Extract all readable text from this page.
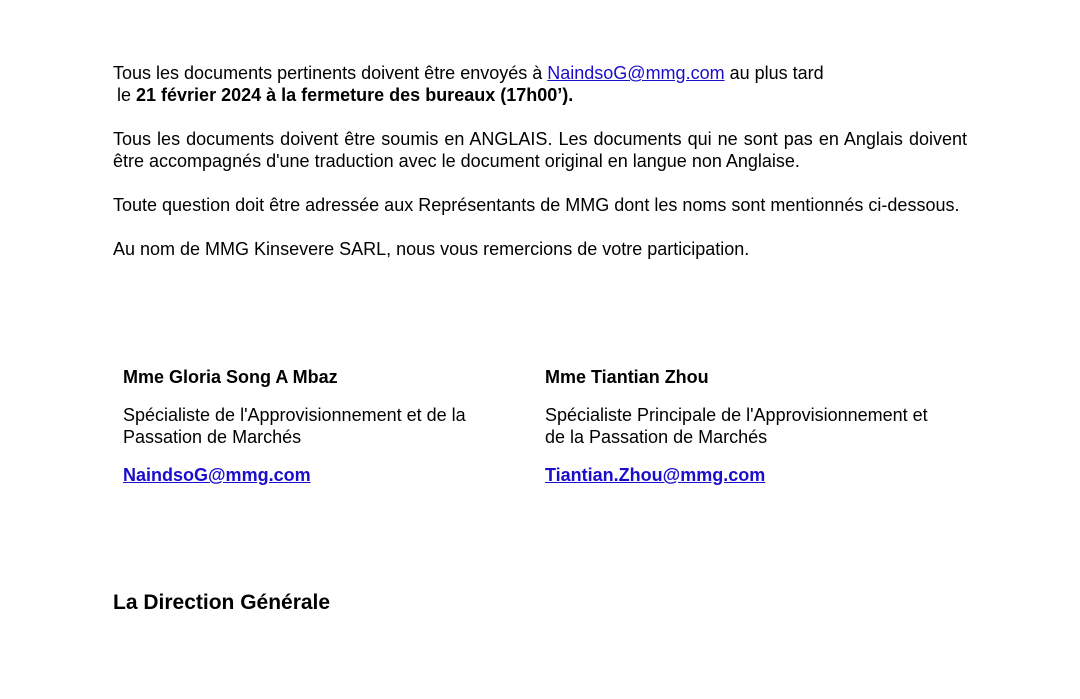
Tous les documents pertinents doivent être envoyés à NaindsoG@mmg.com au plus tard
le 21 février 2024 à la fermeture des bureaux (17h00’).

Tous les documents doivent être soumis en ANGLAIS. Les documents qui ne sont pas en Anglais doivent être accompagnés d'une traduction avec le document original en langue non Anglaise.

Toute question doit être adressée aux Représentants de MMG dont les noms sont mentionnés ci-dessous.

Au nom de MMG Kinsevere SARL, nous vous remercions de votre participation.

Mme Gloria Song A Mbaz

Spécialiste de l'Approvisionnement et de la Passation de Marchés

NaindsoG@mmg.com

Mme Tiantian Zhou

Spécialiste Principale de l'Approvisionnement et de la Passation de Marchés

Tiantian.Zhou@mmg.com
La Direction Générale
